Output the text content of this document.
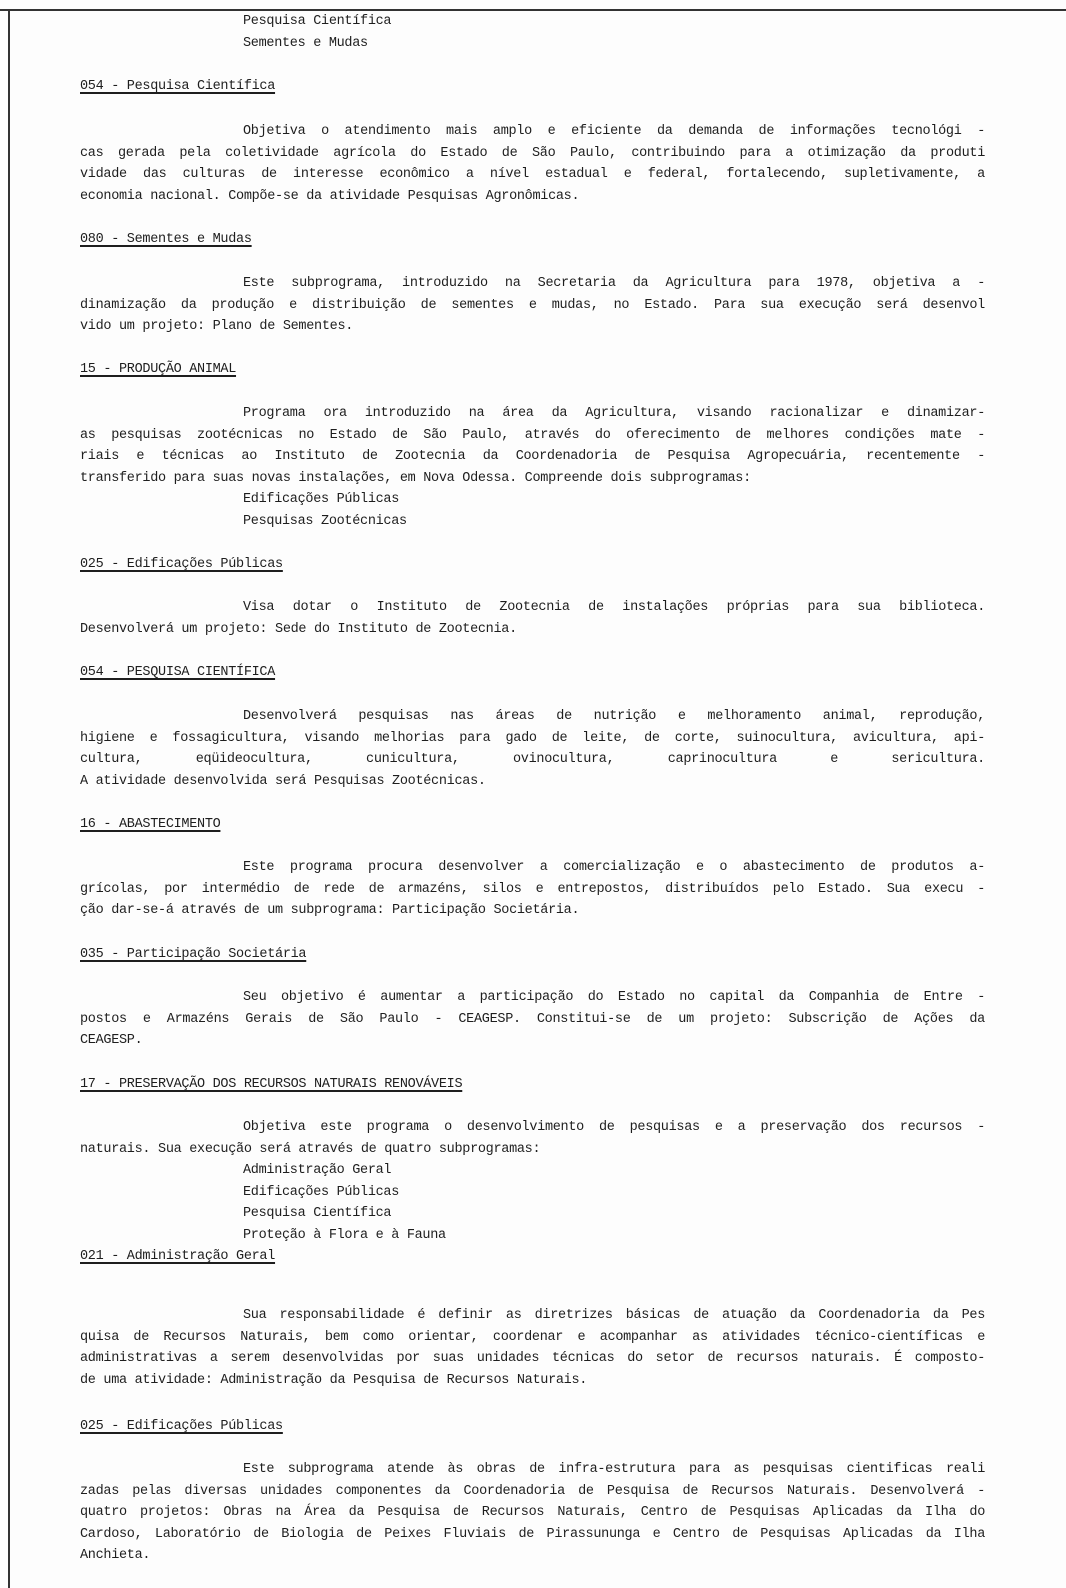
Pesquisa Científica
Sementes e Mudas
054 - Pesquisa Científica
Objetiva o atendimento mais amplo e eficiente da demanda de informações tecnológi -
cas gerada pela coletividade agrícola do Estado de São Paulo, contribuindo para a otimização da produti
vidade das culturas de interesse econômico a nível estadual e federal, fortalecendo, supletivamente, a
economia nacional. Compõe-se da atividade Pesquisas Agronômicas.
080 - Sementes e Mudas
Este subprograma, introduzido na Secretaria da Agricultura para 1978, objetiva a -
dinamização da produção e distribuição de sementes e mudas, no Estado. Para sua execução será desenvol
vido um projeto: Plano de Sementes.
15 - PRODUÇÃO ANIMAL
Programa ora introduzido na área da Agricultura, visando racionalizar e dinamizar-
as pesquisas zootécnicas no Estado de São Paulo, através do oferecimento de melhores condições mate -
riais e técnicas ao Instituto de Zootecnia da Coordenadoria de Pesquisa Agropecuária, recentemente -
transferido para suas novas instalações, em Nova Odessa. Compreende dois subprogramas:
Edificações Públicas
Pesquisas Zootécnicas
025 - Edificações Públicas
Visa dotar o Instituto de Zootecnia de instalações próprias para sua biblioteca.
Desenvolverá um projeto: Sede do Instituto de Zootecnia.
054 - PESQUISA CIENTÍFICA
Desenvolverá pesquisas nas áreas de nutrição e melhoramento animal, reprodução,
higiene e fossagicultura, visando melhorias para gado de leite, de corte, suinocultura, avicultura, api-
cultura, eqüideocultura, cunicultura, ovinocultura, caprinocultura e sericultura.
A atividade desenvolvida será Pesquisas Zootécnicas.
16 - ABASTECIMENTO
Este programa procura desenvolver a comercialização e o abastecimento de produtos a-
grícolas, por intermédio de rede de armazéns, silos e entrepostos, distribuídos pelo Estado. Sua execu -
ção dar-se-á através de um subprograma: Participação Societária.
035 - Participação Societária
Seu objetivo é aumentar a participação do Estado no capital da Companhia de Entre -
postos e Armazéns Gerais de São Paulo - CEAGESP. Constitui-se de um projeto: Subscrição de Ações da
CEAGESP.
17 - PRESERVAÇÃO DOS RECURSOS NATURAIS RENOVÁVEIS
Objetiva este programa o desenvolvimento de pesquisas e a preservação dos recursos -
naturais. Sua execução será através de quatro subprogramas:
Administração Geral
Edificações Públicas
Pesquisa Científica
Proteção à Flora e à Fauna
021 - Administração Geral
Sua responsabilidade é definir as diretrizes básicas de atuação da Coordenadoria da Pes
quisa de Recursos Naturais, bem como orientar, coordenar e acompanhar as atividades técnico-científicas e
administrativas a serem desenvolvidas por suas unidades técnicas do setor de recursos naturais. É composto-
de uma atividade: Administração da Pesquisa de Recursos Naturais.
025 - Edificações Públicas
Este subprograma atende às obras de infra-estrutura para as pesquisas cientificas reali
zadas pelas diversas unidades componentes da Coordenadoria de Pesquisa de Recursos Naturais. Desenvolverá -
quatro projetos: Obras na Área da Pesquisa de Recursos Naturais, Centro de Pesquisas Aplicadas da Ilha do
Cardoso, Laboratório de Biologia de Peixes Fluviais de Pirassununga e Centro de Pesquisas Aplicadas da Ilha
Anchieta.
